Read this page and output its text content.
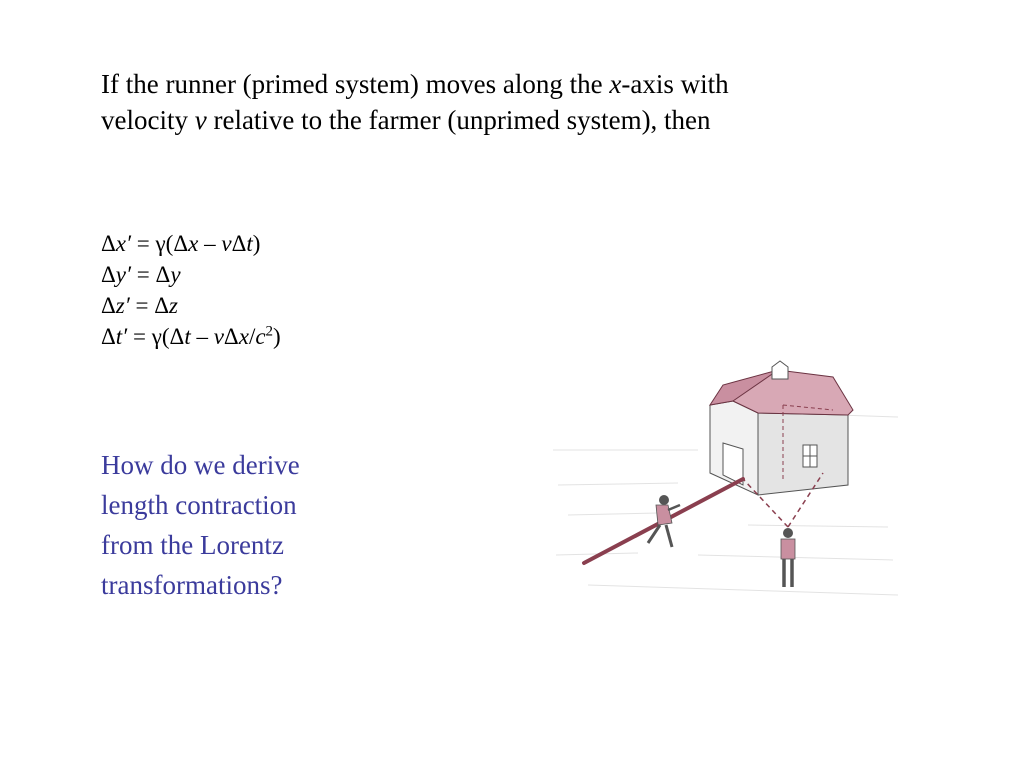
If the runner (primed system) moves along the x-axis with
velocity v relative to the farmer (unprimed system), then
Δx′ = γ(Δx – vΔt)
Δy′ = Δy
Δz′ = Δz
Δt′ = γ(Δt – vΔx/$c^2$)
How do we derive
length contraction
from the Lorentz
transformations?
